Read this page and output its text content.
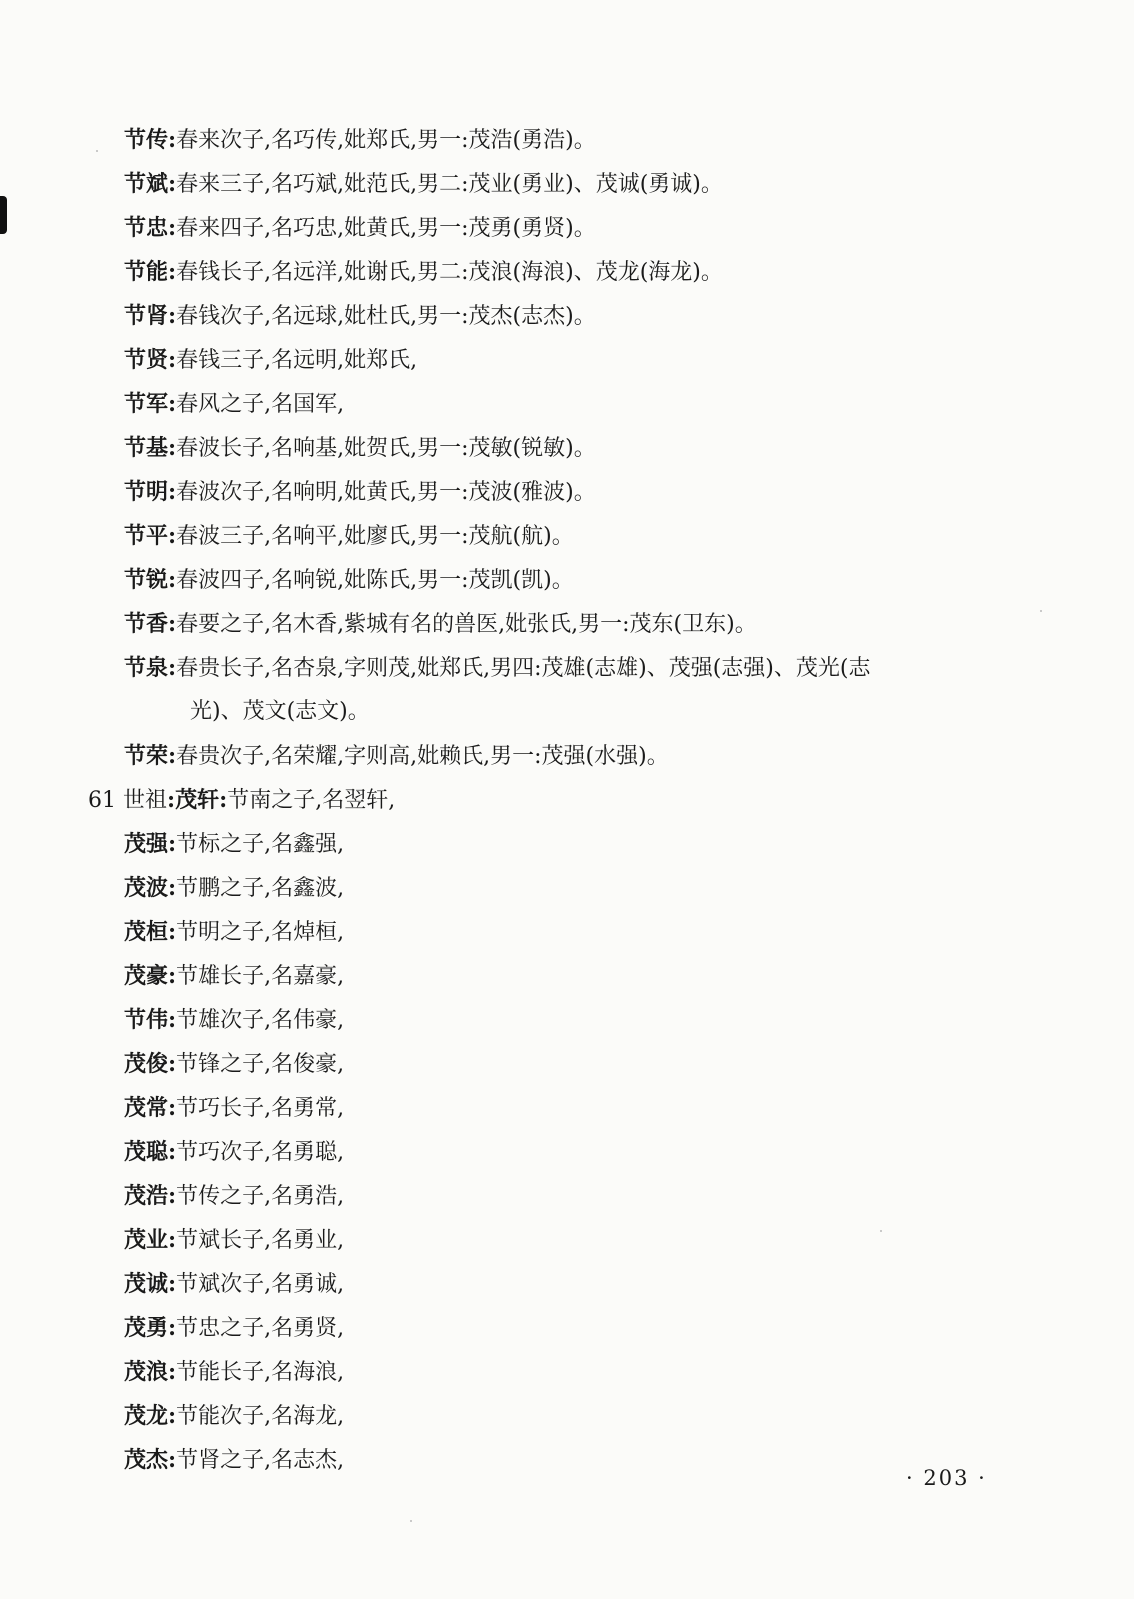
节传:春来次子,名巧传,妣郑氏,男一:茂浩(勇浩)。
节斌:春来三子,名巧斌,妣范氏,男二:茂业(勇业)、茂诚(勇诚)。
节忠:春来四子,名巧忠,妣黄氏,男一:茂勇(勇贤)。
节能:春钱长子,名远洋,妣谢氏,男二:茂浪(海浪)、茂龙(海龙)。
节肾:春钱次子,名远球,妣杜氏,男一:茂杰(志杰)。
节贤:春钱三子,名远明,妣郑氏,
节军:春风之子,名国军,
节基:春波长子,名响基,妣贺氏,男一:茂敏(锐敏)。
节明:春波次子,名响明,妣黄氏,男一:茂波(雅波)。
节平:春波三子,名响平,妣廖氏,男一:茂航(航)。
节锐:春波四子,名响锐,妣陈氏,男一:茂凯(凯)。
节香:春要之子,名木香,紫城有名的兽医,妣张氏,男一:茂东(卫东)。
节泉:春贵长子,名杏泉,字则茂,妣郑氏,男四:茂雄(志雄)、茂强(志强)、茂光(志
光)、茂文(志文)。
节荣:春贵次子,名荣耀,字则高,妣赖氏,男一:茂强(水强)。
61 世祖:茂轩:节南之子,名翌轩,
茂强:节标之子,名鑫强,
茂波:节鹏之子,名鑫波,
茂桓:节明之子,名焯桓,
茂豪:节雄长子,名嘉豪,
节伟:节雄次子,名伟豪,
茂俊:节锋之子,名俊豪,
茂常:节巧长子,名勇常,
茂聪:节巧次子,名勇聪,
茂浩:节传之子,名勇浩,
茂业:节斌长子,名勇业,
茂诚:节斌次子,名勇诚,
茂勇:节忠之子,名勇贤,
茂浪:节能长子,名海浪,
茂龙:节能次子,名海龙,
茂杰:节肾之子,名志杰,
· 203 ·
